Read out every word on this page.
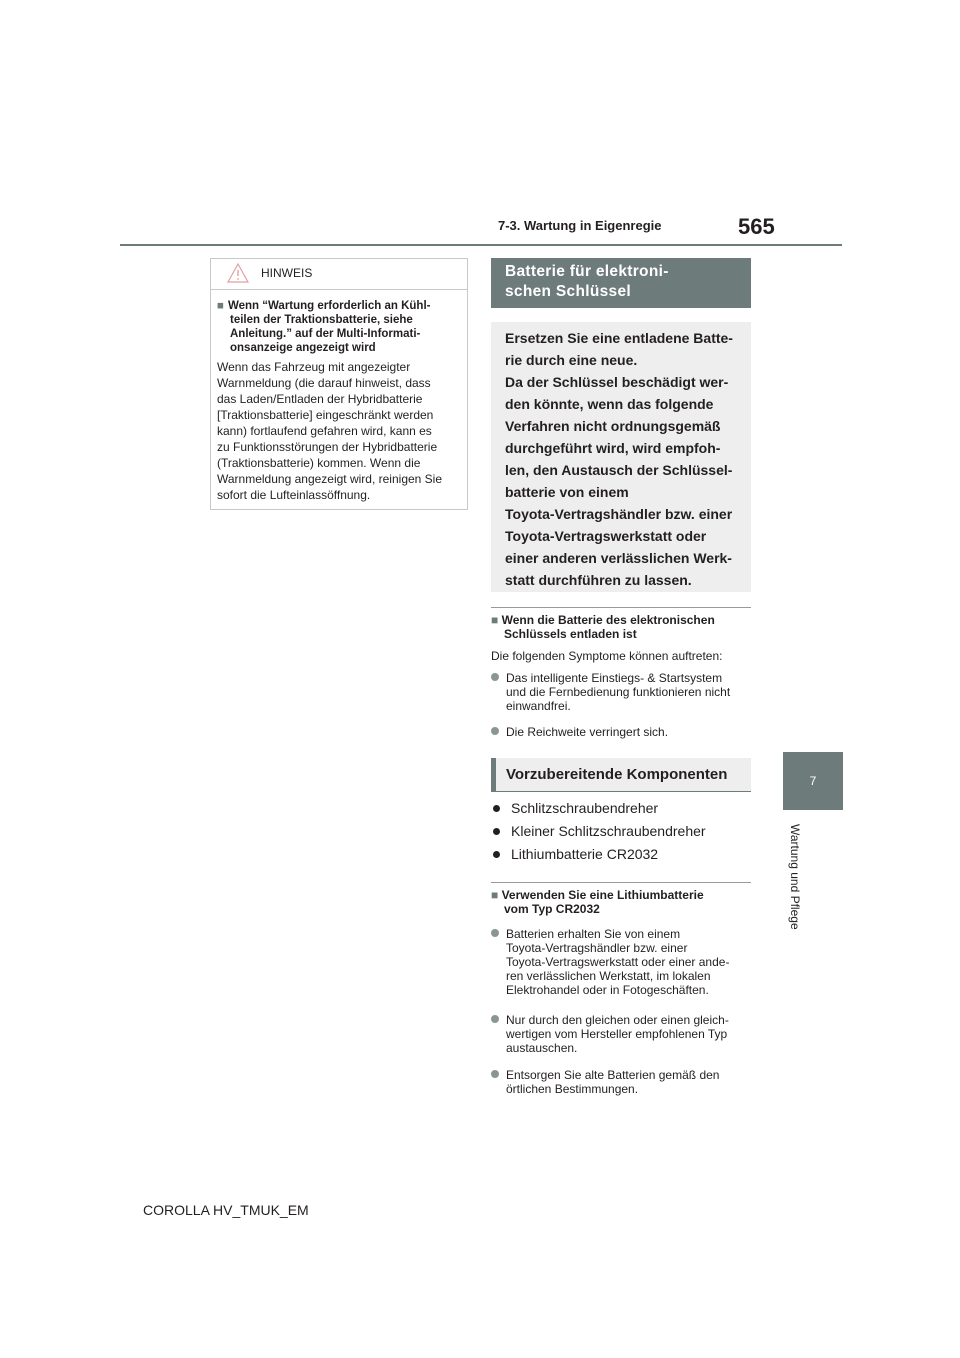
7-3. Wartung in Eigenregie	565
7
Wartung und Pflege
HINWEIS
■ Wenn “Wartung erforderlich an Kühl-
teilen der Traktionsbatterie, siehe
Anleitung.” auf der Multi-Informati-
onsanzeige angezeigt wird
Wenn das Fahrzeug mit angezeigter
Warnmeldung (die darauf hinweist, dass
das Laden/Entladen der Hybridbatterie
[Traktionsbatterie] eingeschränkt werden
kann) fortlaufend gefahren wird, kann es
zu Funktionsstörungen der Hybridbatterie
(Traktionsbatterie) kommen. Wenn die
Warnmeldung angezeigt wird, reinigen Sie
sofort die Lufteinlassöffnung.
Batterie für elektroni-
schen Schlüssel
Ersetzen Sie eine entladene Batte-
rie durch eine neue.
Da der Schlüssel beschädigt wer-
den könnte, wenn das folgende
Verfahren nicht ordnungsgemäß
durchgeführt wird, wird empfoh-
len, den Austausch der Schlüssel-
batterie von einem
Toyota-Vertragshändler bzw. einer
Toyota-Vertragswerkstatt oder
einer anderen verlässlichen Werk-
statt durchführen zu lassen.
■ Wenn die Batterie des elektronischen
Schlüssels entladen ist
Die folgenden Symptome können auftreten:
Das intelligente Einstiegs- & Startsystem
und die Fernbedienung funktionieren nicht
einwandfrei.
Die Reichweite verringert sich.
Vorzubereitende Komponenten
Schlitzschraubendreher
Kleiner Schlitzschraubendreher
Lithiumbatterie CR2032
■ Verwenden Sie eine Lithiumbatterie
vom Typ CR2032
Batterien erhalten Sie von einem
Toyota-Vertragshändler bzw. einer
Toyota-Vertragswerkstatt oder einer ande-
ren verlässlichen Werkstatt, im lokalen
Elektrohandel oder in Fotogeschäften.
Nur durch den gleichen oder einen gleich-
wertigen vom Hersteller empfohlenen Typ
austauschen.
Entsorgen Sie alte Batterien gemäß den
örtlichen Bestimmungen.
COROLLA HV_TMUK_EM
